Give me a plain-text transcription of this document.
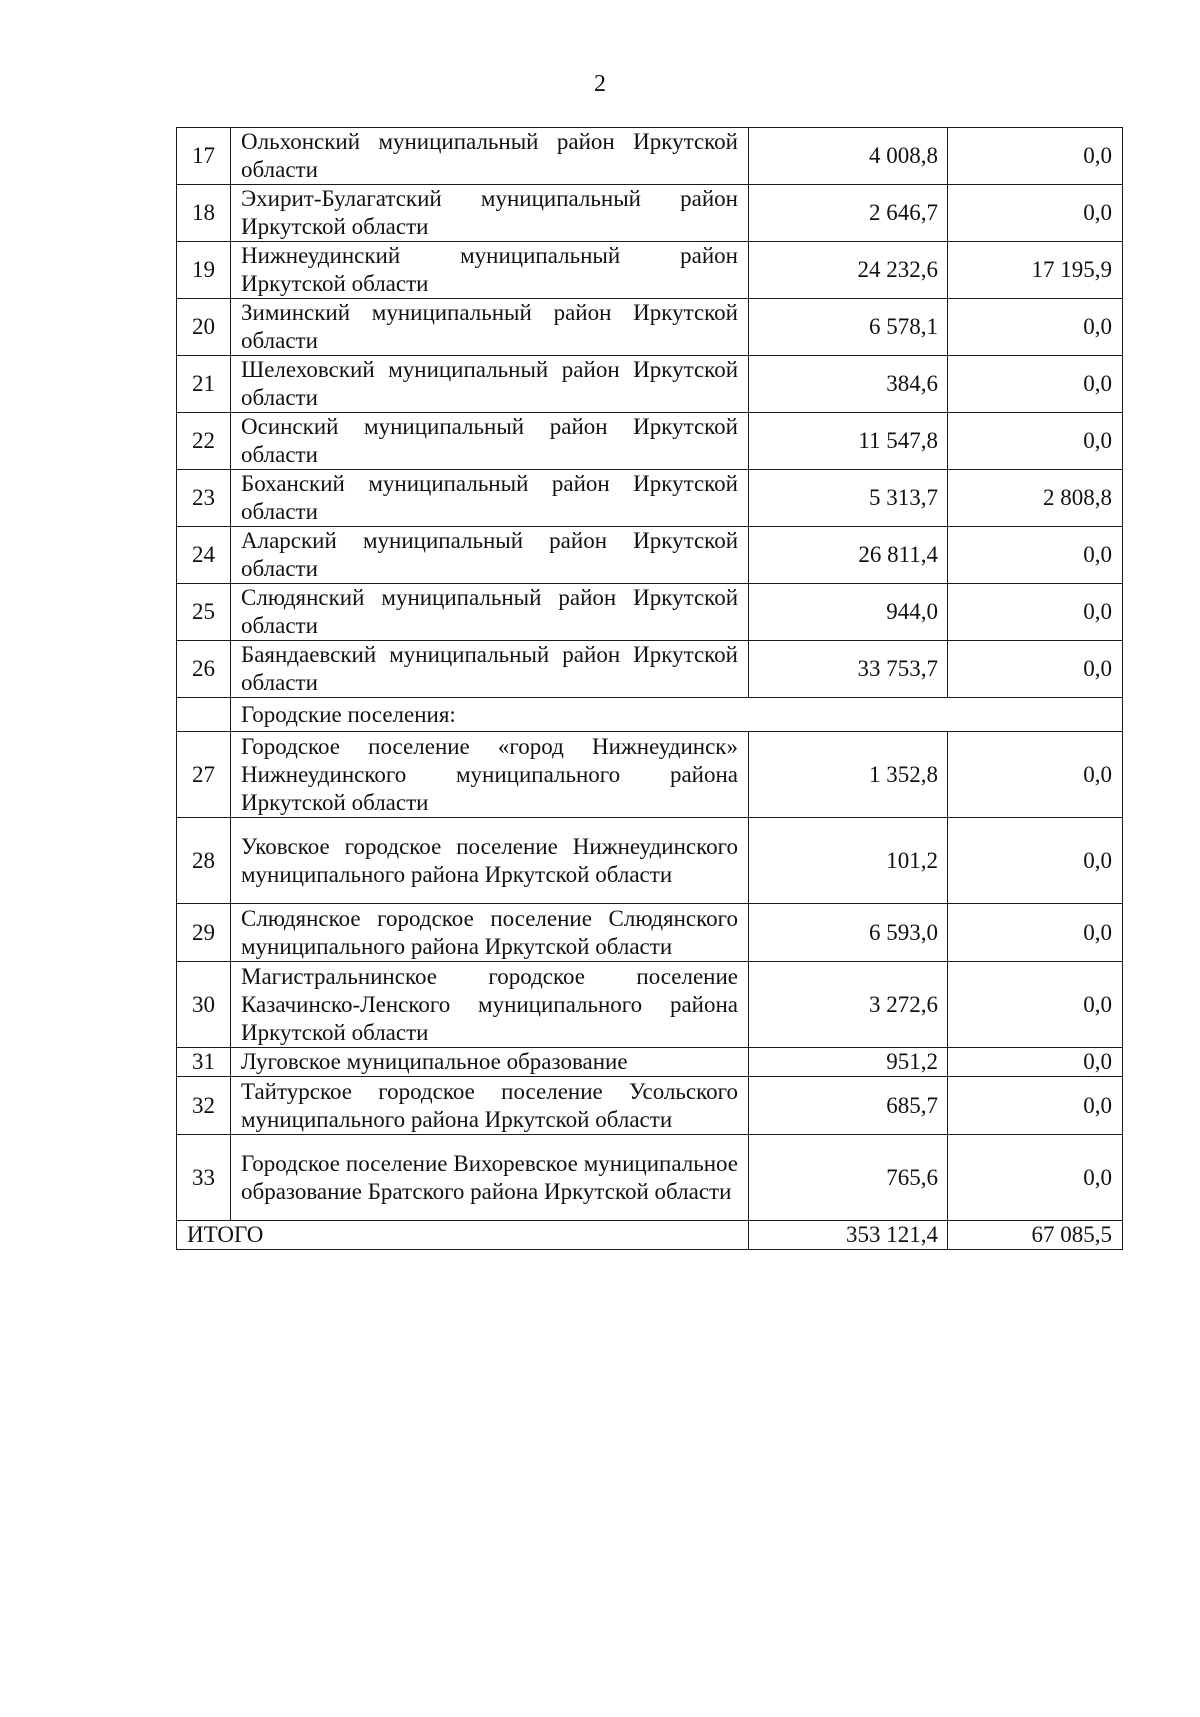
2
17	Ольхонский муниципальный район Иркутской области	4 008,8	0,0
18	Эхирит-Булагатский муниципальный район Иркутской области	2 646,7	0,0
19	Нижнеудинский муниципальный район Иркутской области	24 232,6	17 195,9
20	Зиминский муниципальный район Иркутской области	6 578,1	0,0
21	Шелеховский муниципальный район Иркутской области	384,6	0,0
22	Осинский муниципальный район Иркутской области	11 547,8	0,0
23	Боханский муниципальный район Иркутской области	5 313,7	2 808,8
24	Аларский муниципальный район Иркутской области	26 811,4	0,0
25	Слюдянский муниципальный район Иркутской области	944,0	0,0
26	Баяндаевский муниципальный район Иркутской области	33 753,7	0,0
	Городские поселения:		
27	Городское поселение «город Нижнеудинск» Нижнеудинского муниципального района Иркутской области	1 352,8	0,0
28	Уковское городское поселение Нижнеудинского муниципального района Иркутской области	101,2	0,0
29	Слюдянское городское поселение Слюдянского муниципального района Иркутской области	6 593,0	0,0
30	Магистральнинское городское поселение Казачинско-Ленского муниципального района Иркутской области	3 272,6	0,0
31	Луговское муниципальное образование	951,2	0,0
32	Тайтурское городское поселение Усольского муниципального района Иркутской области	685,7	0,0
33	Городское поселение Вихоревское муниципальное образование Братского района Иркутской области	765,6	0,0
ИТОГО		353 121,4	67 085,5
